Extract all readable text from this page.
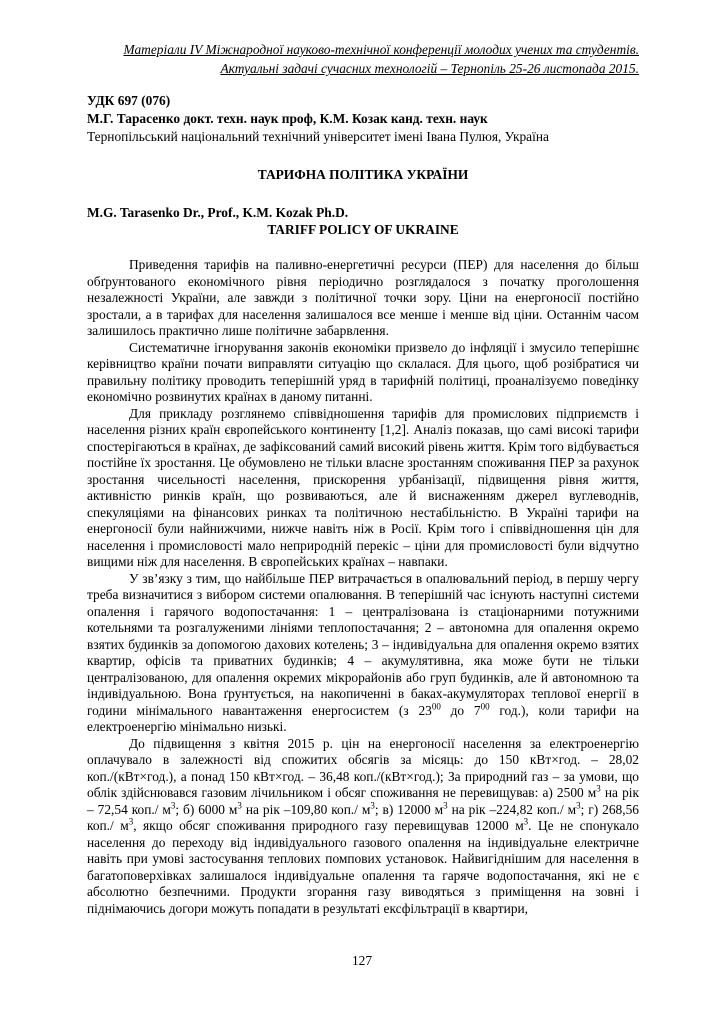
Матеріали IV Міжнародної науково-технічної конференції молодих учених та студентів.
Актуальні задачі сучасних технологій – Тернопіль 25-26 листопада 2015.
УДК 697 (076)
М.Г. Тарасенко докт. техн. наук проф, К.М. Козак канд. техн. наук
Тернопільський національний технічний університет імені Івана Пулюя, Україна
ТАРИФНА ПОЛІТИКА УКРАЇНИ
M.G. Tarasenko Dr., Prof., K.M. Kozak Ph.D.
TARIFF POLICY OF UKRAINE

Приведення тарифів на паливно-енергетичні ресурси (ПЕР) для населення до більш обґрунтованого економічного рівня періодично розглядалося з початку проголошення незалежності України, але завжди з політичної точки зору. Ціни на енергоносії постійно зростали, а в тарифах для населення залишалося все менше і менше від ціни. Останнім часом залишилось практично лише політичне забарвлення.

Систематичне ігнорування законів економіки призвело до інфляції і змусило теперішнє керівництво країни почати виправляти ситуацію що склалася. Для цього, щоб розібратися чи правильну політику проводить теперішній уряд в тарифній політиці, проаналізуємо поведінку економічно розвинутих країнах в даному питанні.

Для прикладу розглянемо співвідношення тарифів для промислових підприємств і населення різних країн європейського континенту [1,2]. Аналіз показав, що самі високі тарифи спостерігаються в країнах, де зафіксований самий високий рівень життя. Крім того відбувається постійне їх зростання. Це обумовлено не тільки власне зростанням споживання ПЕР за рахунок зростання чисельності населення, прискорення урбанізації, підвищення рівня життя, активністю ринків країн, що розвиваються, але й виснаженням джерел вуглеводнів, спекуляціями на фінансових ринках та політичною нестабільністю. В Україні тарифи на енергоносії були найнижчими, нижче навіть ніж в Росії. Крім того і співвідношення цін для населення і промисловості мало неприродній перекіс – ціни для промисловості були відчутно вищими ніж для населення. В європейських країнах – навпаки.

У зв’язку з тим, що найбільше ПЕР витрачається в опалювальний період, в першу чергу треба визначитися з вибором системи опалювання. В теперішній час існують наступні системи опалення і гарячого водопостачання: 1 – централізована із стаціонарними потужними котельнями та розгалуженими лініями теплопостачання; 2 – автономна для опалення окремо взятих будинків за допомогою дахових котелень; 3 – індивідуальна для опалення окремо взятих квартир, офісів та приватних будинків; 4 – акумулятивна, яка може бути не тільки централізованою, для опалення окремих мікрорайонів або груп будинків, але й автономною та індивідуальною. Вона ґрунтується, на накопиченні в баках-акумуляторах теплової енергії в години мінімального навантаження енергосистем (з $23^{00}$ до $7^{00}$ год.), коли тарифи на електроенергію мінімально низькі.

До підвищення з квітня 2015 р. цін на енергоносії населення за електроенергію оплачувало в залежності від спожитих обсягів за місяць: до 150 кВт×год. – 28,02 коп./(кВт×год.), а понад 150 кВт×год. – 36,48 коп./(кВт×год.); За природний газ – за умови, що облік здійснювався газовим лічильником і обсяг споживання не перевищував: а) 2500 $м^3$ на рік – 72,54 коп./ $м^3$; б) 6000 $м^3$ на рік –109,80 коп./ $м^3$; в) 12000 $м^3$ на рік –224,82 коп./ $м^3$; г) 268,56 коп./ $м^3$, якщо обсяг споживання природного газу перевищував 12000 $м^3$. Це не спонукало населення до переходу від індивідуального газового опалення на індивідуальне електричне навіть при умові застосування теплових помпових установок. Найвигіднішим для населення в багатоповерхівках залишалося індивідуальне опалення та гаряче водопостачання, які не є абсолютно безпечними. Продукти згорання газу виводяться з приміщення на зовні і піднімаючись догори можуть попадати в результаті ексфільтрації в квартири,

127
